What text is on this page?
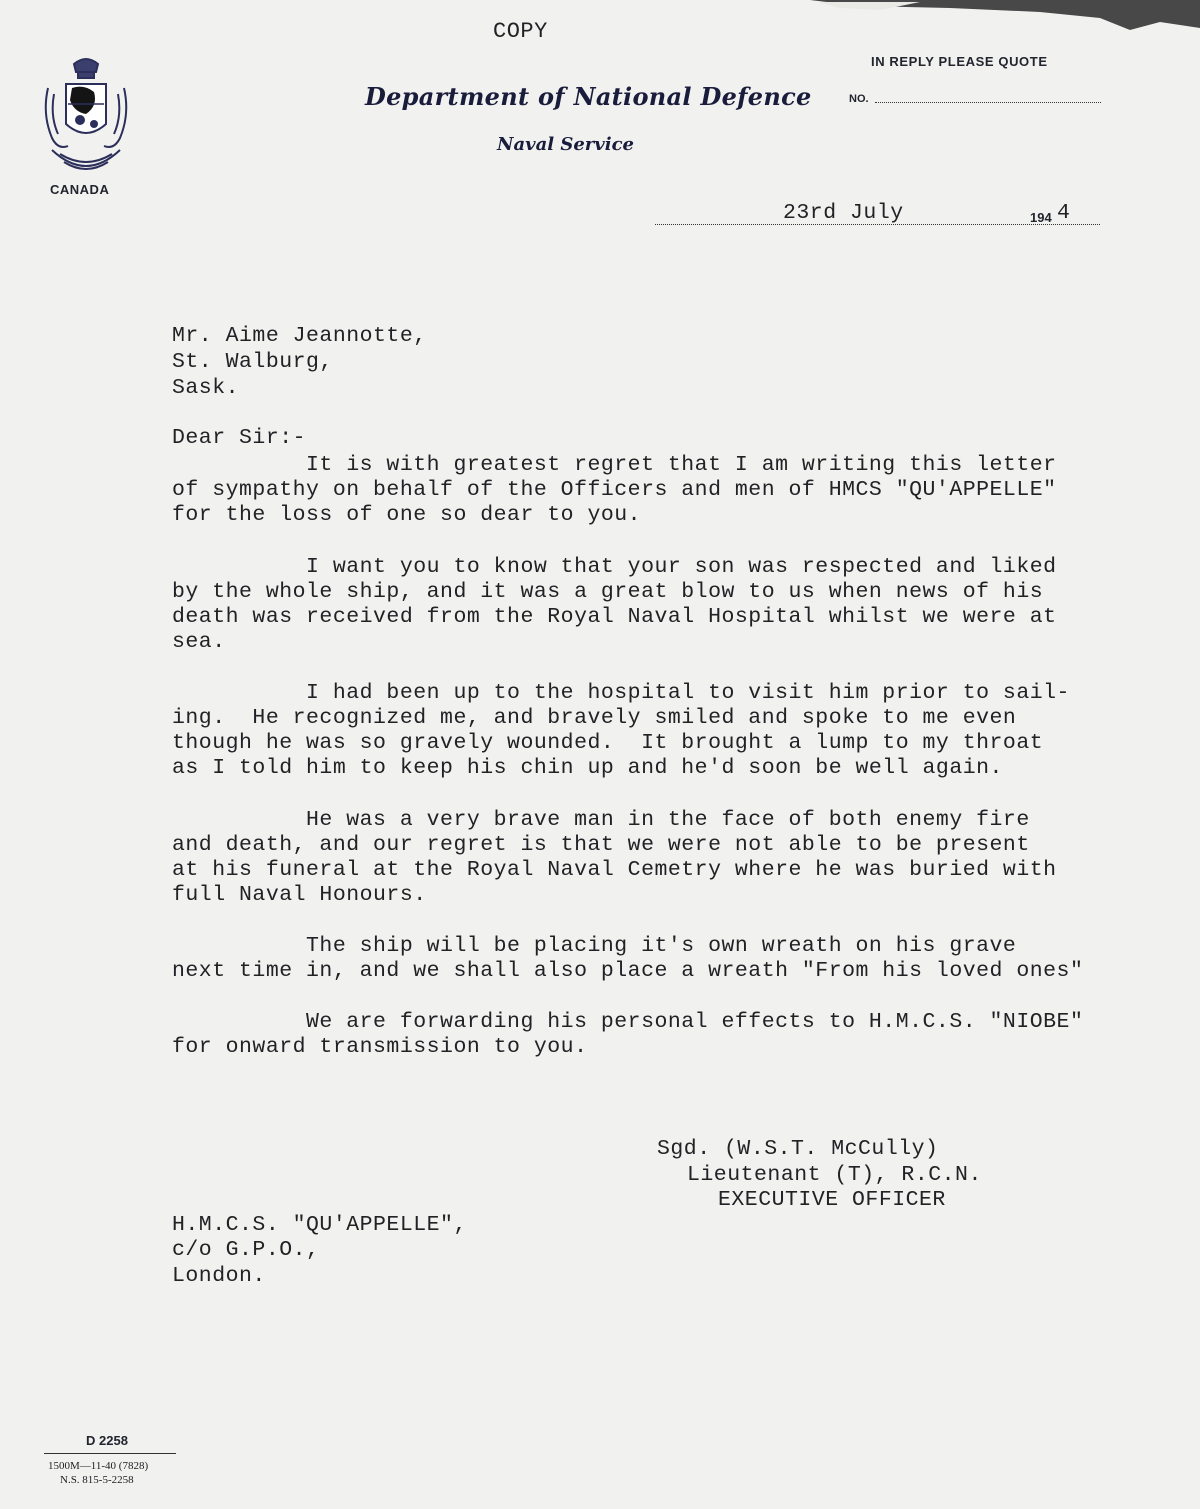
CANADA
COPY
Department of National Defence
Naval Service
IN REPLY PLEASE QUOTE
NO.
23rd July	194 4
Mr. Aime Jeannotte,
St. Walburg,
Sask.
Dear Sir:-
It is with greatest regret that I am writing this letter
of sympathy on behalf of the Officers and men of HMCS "QU'APPELLE"
for the loss of one so dear to you.
I want you to know that your son was respected and liked
by the whole ship, and it was a great blow to us when news of his
death was received from the Royal Naval Hospital whilst we were at
sea.
I had been up to the hospital to visit him prior to sail-
ing.  He recognized me, and bravely smiled and spoke to me even
though he was so gravely wounded.  It brought a lump to my throat
as I told him to keep his chin up and he'd soon be well again.
He was a very brave man in the face of both enemy fire
and death, and our regret is that we were not able to be present
at his funeral at the Royal Naval Cemetry where he was buried with
full Naval Honours.
The ship will be placing it's own wreath on his grave
next time in, and we shall also place a wreath "From his loved ones"
We are forwarding his personal effects to H.M.C.S. "NIOBE"
for onward transmission to you.
Sgd. (W.S.T. McCully)
Lieutenant (T), R.C.N.
EXECUTIVE OFFICER
H.M.C.S. "QU'APPELLE",
c/o G.P.O.,
London.
D 2258
1500M—11-40 (7828)
N.S. 815-5-2258
